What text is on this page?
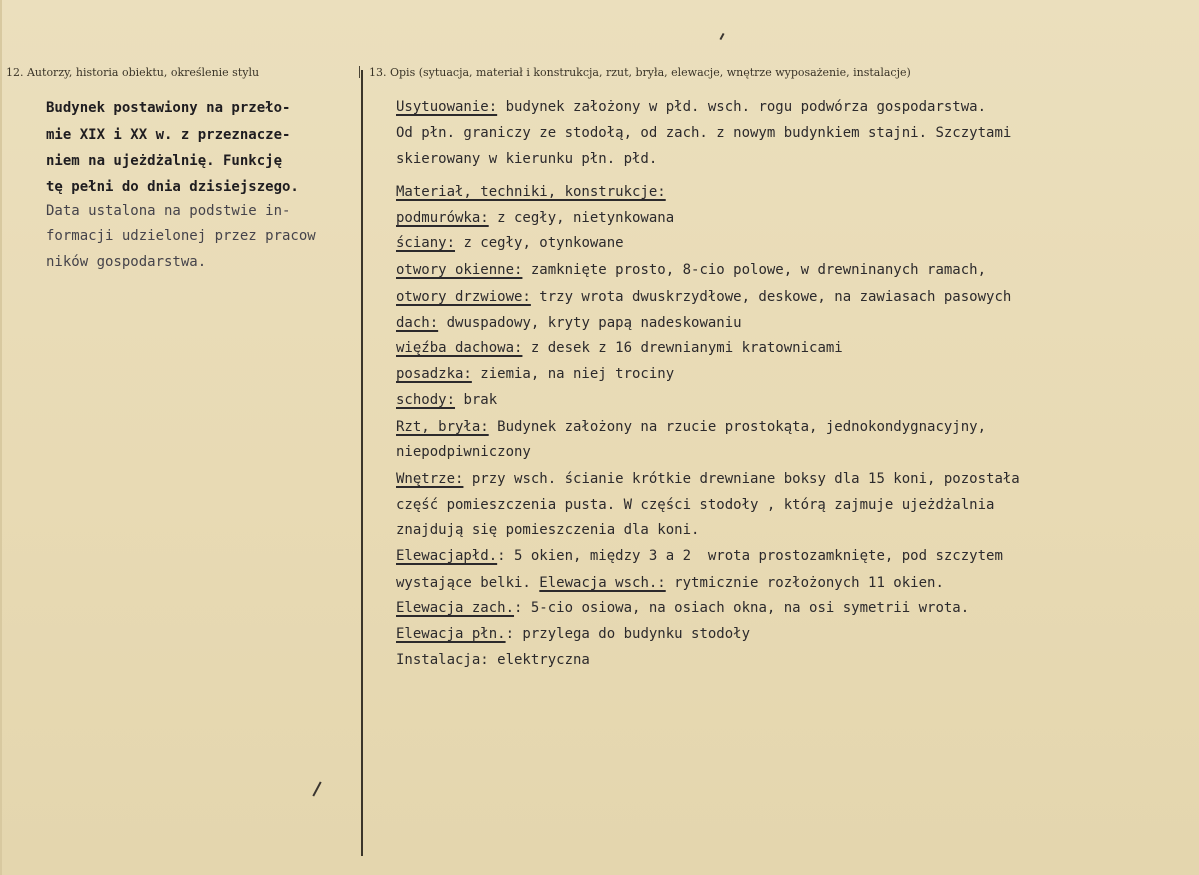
12. Autorzy, historia obiektu, określenie stylu	13. Opis (sytuacja, materiał i konstrukcja, rzut, bryła, elewacje, wnętrze wyposażenie, instalacje)
Budynek postawiony na przeło-
mie XIX i XX w. z przeznacze-
niem na ujeżdżalnię. Funkcję
tę pełni do dnia dzisiejszego.
Data ustalona na podstwie in-
formacji udzielonej przez pracow
ników gospodarstwa.
Usytuowanie: budynek założony w płd. wsch. rogu podwórza gospodarstwa.
Od płn. graniczy ze stodołą, od zach. z nowym budynkiem stajni. Szczytami
skierowany w kierunku płn. płd.
Materiał, techniki, konstrukcje:
podmurówka: z cegły, nietynkowana
ściany: z cegły, otynkowane
otwory okienne: zamknięte prosto, 8-cio polowe, w drewninanych ramach,
otwory drzwiowe: trzy wrota dwuskrzydłowe, deskowe, na zawiasach pasowych
dach: dwuspadowy, kryty papą nadeskowaniu
więźba dachowa: z desek z 16 drewnianymi kratownicami
posadzka: ziemia, na niej trociny
schody: brak
Rzt, bryła: Budynek założony na rzucie prostokąta, jednokondygnacyjny,
niepodpiwniczony
Wnętrze: przy wsch. ścianie krótkie drewniane boksy dla 15 koni, pozostała
część pomieszczenia pusta. W części stodoły , którą zajmuje ujeżdżalnia
znajdują się pomieszczenia dla koni.
Elewacjapłd.: 5 okien, między 3 a 2  wrota prostozamknięte, pod szczytem
wystające belki. Elewacja wsch.: rytmicznie rozłożonych 11 okien.
Elewacja zach.: 5-cio osiowa, na osiach okna, na osi symetrii wrota.
Elewacja płn.: przylega do budynku stodoły
Instalacja: elektryczna
